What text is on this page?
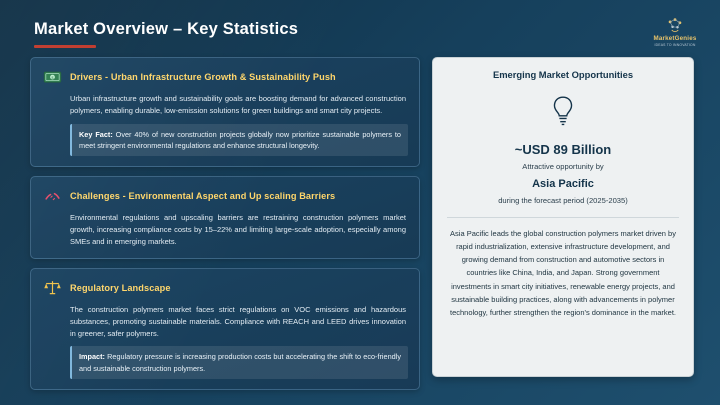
Market Overview – Key Statistics
MarketGenies
IDEAS TO INNOVATION
$ Drivers - Urban Infrastructure Growth & Sustainability Push
Urban infrastructure growth and sustainability goals are boosting demand for advanced construction polymers, enabling durable, low-emission solutions for green buildings and smart city projects.
Key Fact: Over 40% of new construction projects globally now prioritize sustainable polymers to meet stringent environmental regulations and enhance structural longevity.
Challenges - Environmental Aspect and Up scaling Barriers
Environmental regulations and upscaling barriers are restraining construction polymers market growth, increasing compliance costs by 15–22% and limiting large-scale adoption, especially among SMEs and in emerging markets.
Regulatory Landscape
The construction polymers market faces strict regulations on VOC emissions and hazardous substances, promoting sustainable materials. Compliance with REACH and LEED drives innovation in greener, safer polymers.
Impact: Regulatory pressure is increasing production costs but accelerating the shift to eco-friendly and sustainable construction polymers.
Emerging Market Opportunities
~USD 89 Billion
Attractive opportunity by
Asia Pacific
during the forecast period (2025-2035)
Asia Pacific leads the global construction polymers market driven by rapid industrialization, extensive infrastructure development, and growing demand from construction and automotive sectors in countries like China, India, and Japan. Strong government investments in smart city initiatives, renewable energy projects, and sustainable building practices, along with advancements in polymer technology, further strengthen the region's dominance in the market.
